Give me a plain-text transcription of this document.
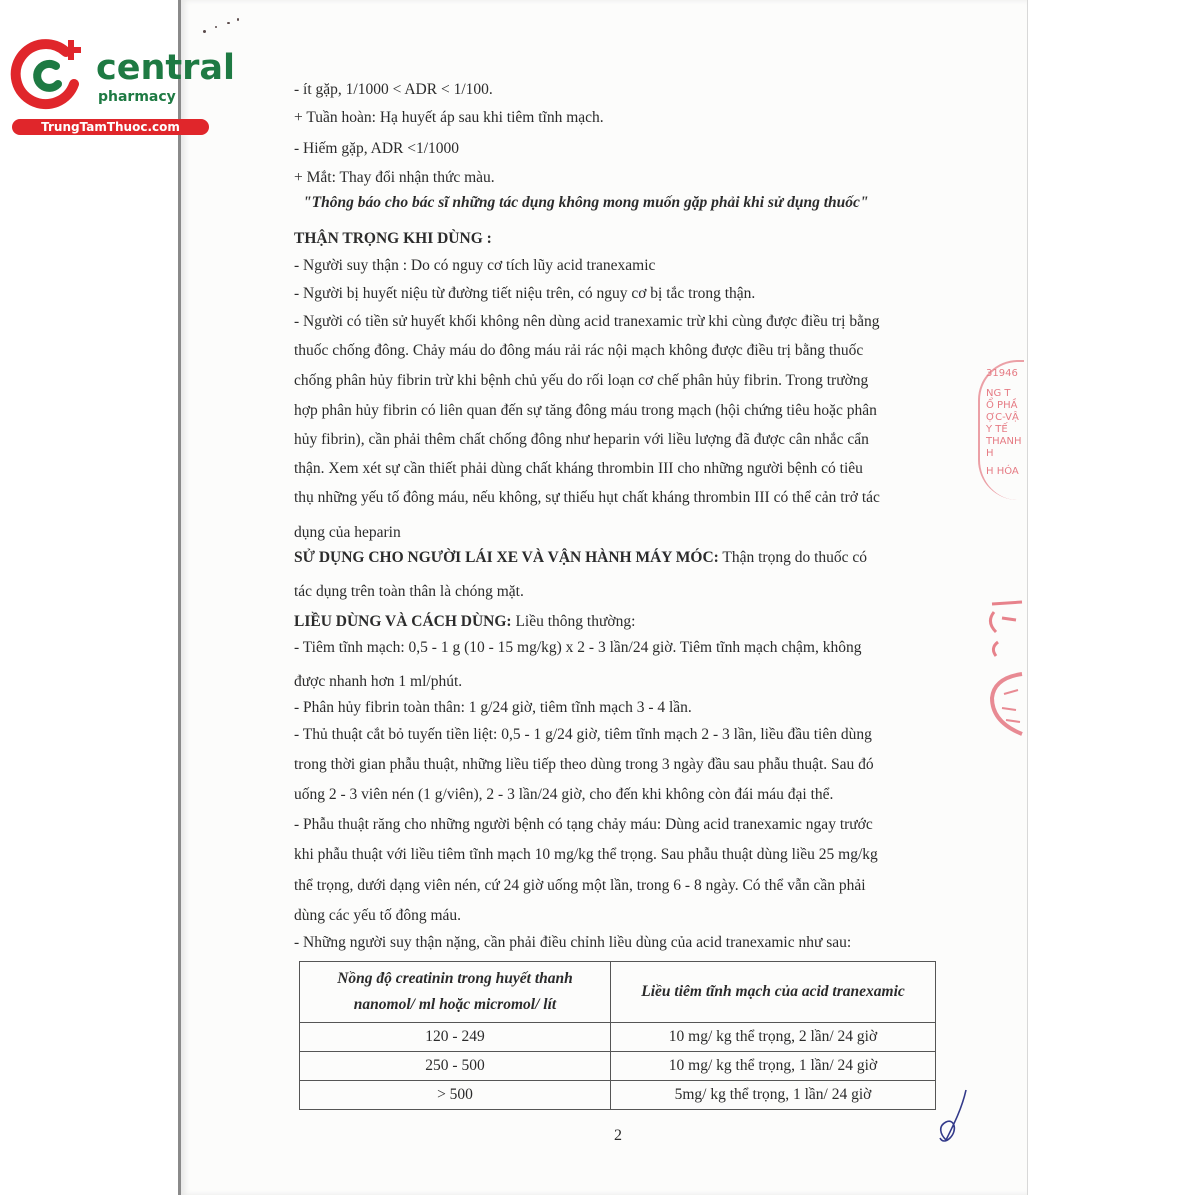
central
pharmacy
TrungTamThuoc.com
- ít gặp, 1/1000 < ADR < 1/100.
+ Tuần hoàn: Hạ huyết áp sau khi tiêm tĩnh mạch.
- Hiếm gặp, ADR <1/1000
+ Mắt: Thay đổi nhận thức màu.
"Thông báo cho bác sĩ những tác dụng không mong muốn gặp phải khi sử dụng thuốc"
THẬN TRỌNG KHI DÙNG :
- Người suy thận : Do có nguy cơ tích lũy acid tranexamic
- Người bị huyết niệu từ đường tiết niệu trên, có nguy cơ bị tắc trong thận.
- Người có tiền sử huyết khối không nên dùng acid tranexamic trừ khi cùng được điều trị bằng
thuốc chống đông. Chảy máu do đông máu rải rác nội mạch không được điều trị bằng thuốc
chống phân hủy fibrin trừ khi bệnh chủ yếu do rối loạn cơ chế phân hủy fibrin. Trong trường
hợp phân hủy fibrin có liên quan đến sự tăng đông máu trong mạch (hội chứng tiêu hoặc phân
hủy fibrin), cần phải thêm chất chống đông như heparin với liều lượng đã được cân nhắc cẩn
thận. Xem xét sự cần thiết phải dùng chất kháng thrombin III cho những người bệnh có tiêu
thụ những yếu tố đông máu, nếu không, sự thiếu hụt chất kháng thrombin III có thể cản trở tác
dụng của heparin
SỬ DỤNG CHO NGƯỜI LÁI XE VÀ VẬN HÀNH MÁY MÓC: Thận trọng do thuốc có
tác dụng trên toàn thân là chóng mặt.
LIỀU DÙNG VÀ CÁCH DÙNG: Liều thông thường:
- Tiêm tĩnh mạch: 0,5 - 1 g (10 - 15 mg/kg) x 2 - 3 lần/24 giờ. Tiêm tĩnh mạch chậm, không
được nhanh hơn 1 ml/phút.
- Phân hủy fibrin toàn thân: 1 g/24 giờ, tiêm tĩnh mạch 3 - 4 lần.
- Thủ thuật cắt bỏ tuyến tiền liệt: 0,5 - 1 g/24 giờ, tiêm tĩnh mạch 2 - 3 lần, liều đầu tiên dùng
trong thời gian phẫu thuật, những liều tiếp theo dùng trong 3 ngày đầu sau phẫu thuật. Sau đó
uống 2 - 3 viên nén (1 g/viên), 2 - 3 lần/24 giờ, cho đến khi không còn đái máu đại thể.
- Phẫu thuật răng cho những người bệnh có tạng chảy máu: Dùng acid tranexamic ngay trước
khi phẫu thuật với liều tiêm tĩnh mạch 10 mg/kg thể trọng. Sau phẫu thuật dùng liều 25 mg/kg
thể trọng, dưới dạng viên nén, cứ 24 giờ uống một lần, trong 6 - 8 ngày. Có thể vẫn cần phải
dùng các yếu tố đông máu.
- Những người suy thận nặng, cần phải điều chỉnh liều dùng của acid tranexamic như sau:
Nồng độ creatinin trong huyết thanh
nanomol/ ml hoặc micromol/ lít	Liều tiêm tĩnh mạch của acid tranexamic
120 - 249	10 mg/ kg thể trọng, 2 lần/ 24 giờ
250 - 500	10 mg/ kg thể trọng, 1 lần/ 24 giờ
> 500	5mg/ kg thể trọng, 1 lần/ 24 giờ
2
31946
NG T
Ổ PHẦ
ỢC-VẬ
Y TẾ
THANH H
H HÓA
